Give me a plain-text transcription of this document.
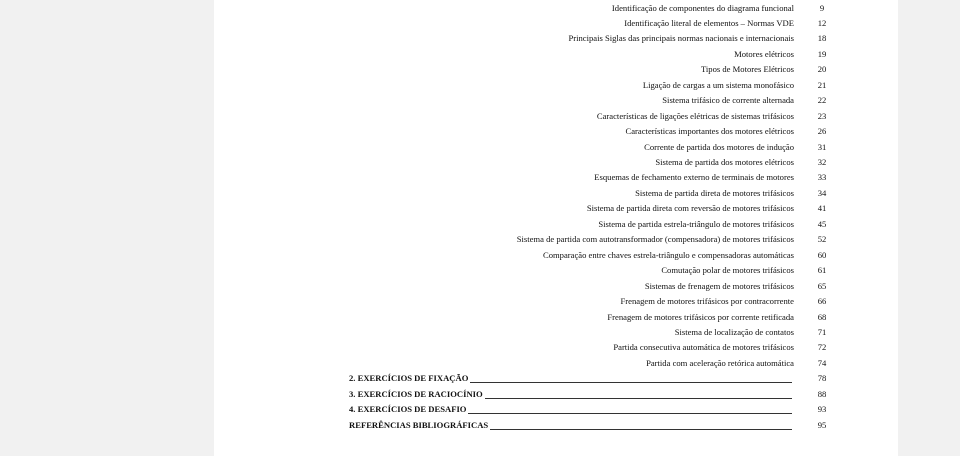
Identificação de componentes do diagrama funcional	9
Identificação literal de elementos – Normas VDE	12
Principais Siglas das principais normas nacionais e internacionais	18
Motores elétricos	19
Tipos de Motores Elétricos	20
Ligação de cargas a um sistema monofásico	21
Sistema trifásico de corrente alternada	22
Características de ligações elétricas de sistemas trifásicos	23
Características importantes dos motores elétricos	26
Corrente de partida dos motores de indução	31
Sistema de partida dos motores elétricos	32
Esquemas de fechamento externo de terminais de motores	33
Sistema de partida direta de motores trifásicos	34
Sistema de partida direta com reversão de motores trifásicos	41
Sistema de partida estrela-triângulo de motores trifásicos	45
Sistema de partida com autotransformador (compensadora) de motores trifásicos	52
Comparação entre chaves estrela-triângulo e compensadoras automáticas	60
Comutação polar de motores trifásicos	61
Sistemas de frenagem de motores trifásicos	65
Frenagem de motores trifásicos por contracorrente	66
Frenagem de motores trifásicos por corrente retificada	68
Sistema de localização de contatos	71
Partida consecutiva automática de motores trifásicos	72
Partida com aceleração retórica automática	74
2. EXERCÍCIOS DE FIXAÇÃO	78
3. EXERCÍCIOS DE RACIOCÍNIO	88
4. EXERCÍCIOS DE DESAFIO	93
REFERÊNCIAS BIBLIOGRÁFICAS	95
